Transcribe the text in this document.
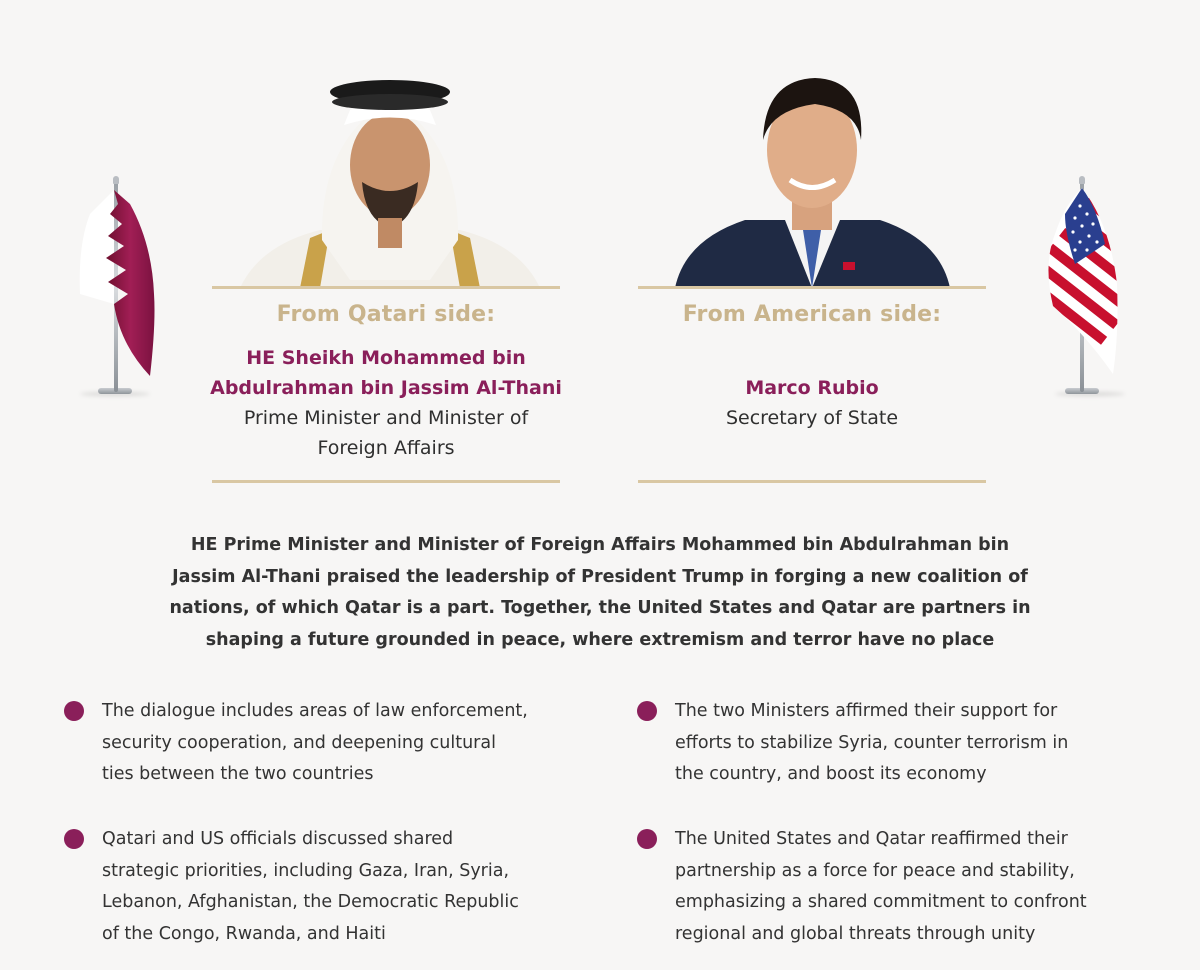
From Qatari side:
HE Sheikh Mohammed bin
Abdulrahman bin Jassim Al-Thani
Prime Minister and Minister of
Foreign Affairs
From American side:
Marco Rubio
Secretary of State
HE Prime Minister and Minister of Foreign Affairs Mohammed bin Abdulrahman bin
Jassim Al-Thani praised the leadership of President Trump in forging a new coalition of
nations, of which Qatar is a part. Together, the United States and Qatar are partners in
shaping a future grounded in peace, where extremism and terror have no place
The dialogue includes areas of law enforcement,
security cooperation, and deepening cultural
ties between the two countries
Qatari and US officials discussed shared
strategic priorities, including Gaza, Iran, Syria,
Lebanon, Afghanistan, the Democratic Republic
of the Congo, Rwanda, and Haiti
The two Ministers affirmed their support for
efforts to stabilize Syria, counter terrorism in
the country, and boost its economy
The United States and Qatar reaffirmed their
partnership as a force for peace and stability,
emphasizing a shared commitment to confront
regional and global threats through unity
